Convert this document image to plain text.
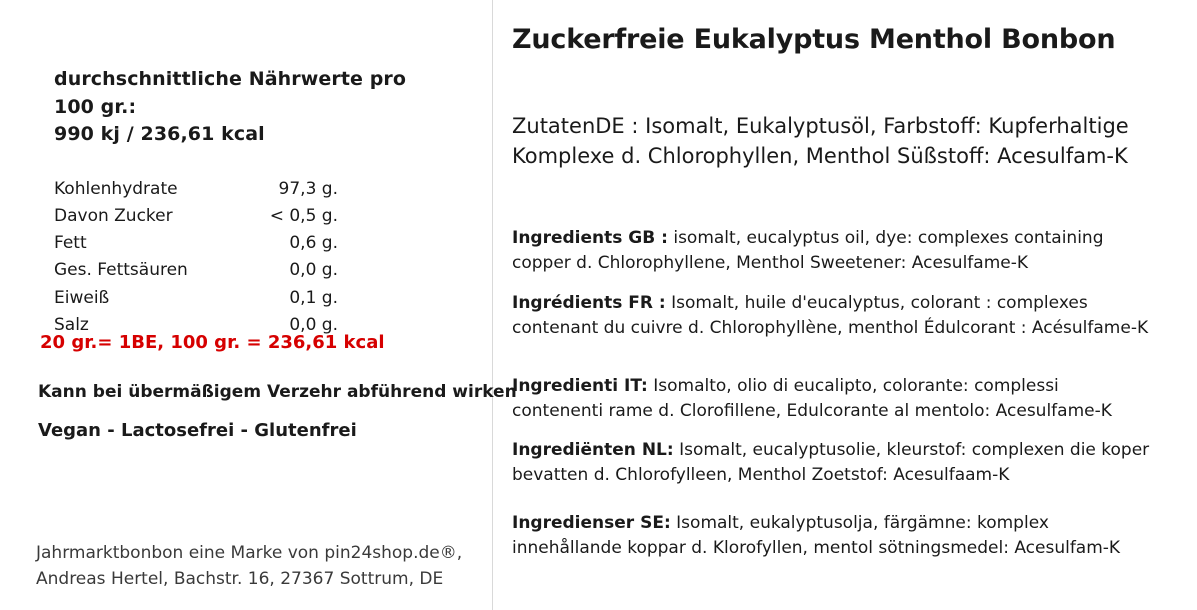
durchschnittliche Nährwerte pro
100 gr.:
990 kj / 236,61 kcal
Kohlenhydrate	97,3 g.
Davon Zucker	< 0,5 g.
Fett	0,6 g.
Ges. Fettsäuren	0,0 g.
Eiweiß	0,1 g.
Salz	0,0 g.
20 gr.= 1BE, 100 gr. = 236,61 kcal
Kann bei übermäßigem Verzehr abführend wirken
Vegan - Lactosefrei - Glutenfrei
Jahrmarktbonbon eine Marke von pin24shop.de®,
Andreas Hertel, Bachstr. 16, 27367 Sottrum, DE
Zuckerfreie Eukalyptus Menthol Bonbon
ZutatenDE : Isomalt, Eukalyptusöl, Farbstoff: Kupferhaltige Komplexe d. Chlorophyllen, Menthol Süßstoff: Acesulfam-K
Ingredients GB : isomalt, eucalyptus oil, dye: complexes containing copper d. Chlorophyllene, Menthol Sweetener: Acesulfame-K
Ingrédients FR : Isomalt, huile d'eucalyptus, colorant : complexes contenant du cuivre d. Chlorophyllène, menthol Édulcorant : Acésulfame-K
Ingredienti IT: Isomalto, olio di eucalipto, colorante: complessi contenenti rame d. Clorofillene, Edulcorante al mentolo: Acesulfame-K
Ingrediënten NL: Isomalt, eucalyptusolie, kleurstof: complexen die koper bevatten d. Chlorofylleen, Menthol Zoetstof: Acesulfaam-K
Ingredienser SE: Isomalt, eukalyptusolja, färgämne: komplex innehållande koppar d. Klorofyllen, mentol sötningsmedel: Acesulfam-K
